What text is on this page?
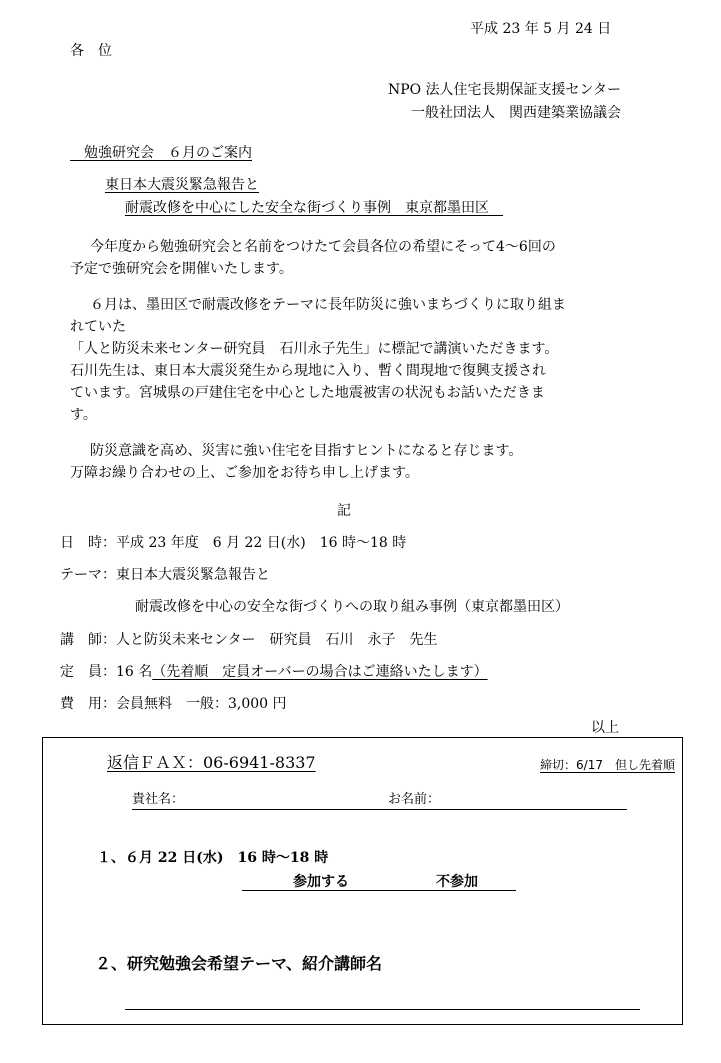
平成 23 年 5 月 24 日
各　位
NPO 法人住宅長期保証支援センター
一般社団法人　関西建築業協議会
　勉強研究会　６月のご案内
東日本大震災緊急報告と
耐震改修を中心にした安全な街づくり事例　東京都墨田区　
今年度から勉強研究会と名前をつけたて会員各位の希望にそって4～6回の
予定で強研究会を開催いたします。
６月は、墨田区で耐震改修をテーマに長年防災に強いまちづくりに取り組ま
れていた
「人と防災未来センター研究員　石川永子先生」に標記で講演いただきます。
石川先生は、東日本大震災発生から現地に入り、暫く間現地で復興支援され
ています。宮城県の戸建住宅を中心とした地震被害の状況もお話いただきま
す。
防災意識を高め、災害に強い住宅を目指すヒントになると存じます。
万障お繰り合わせの上、ご参加をお待ち申し上げます。
記
日　時：平成 23 年度　6 月 22 日(水)　16 時～18 時
テーマ：東日本大震災緊急報告と
耐震改修を中心の安全な街づくりへの取り組み事例（東京都墨田区）
講　師：人と防災未来センター　研究員　石川　永子　先生
定　員：16 名（先着順　定員オーバーの場合はご連絡いたします）
費　用：会員無料　一般：3,000 円
以上
返信ＦＡＸ：06‐6941‐8337	締切：6/17　但し先着順
貴社名：	お名前：
１、６月 22 日(水)　16 時～18 時
参加する	不参加
２、研究勉強会希望テーマ、紹介講師名
